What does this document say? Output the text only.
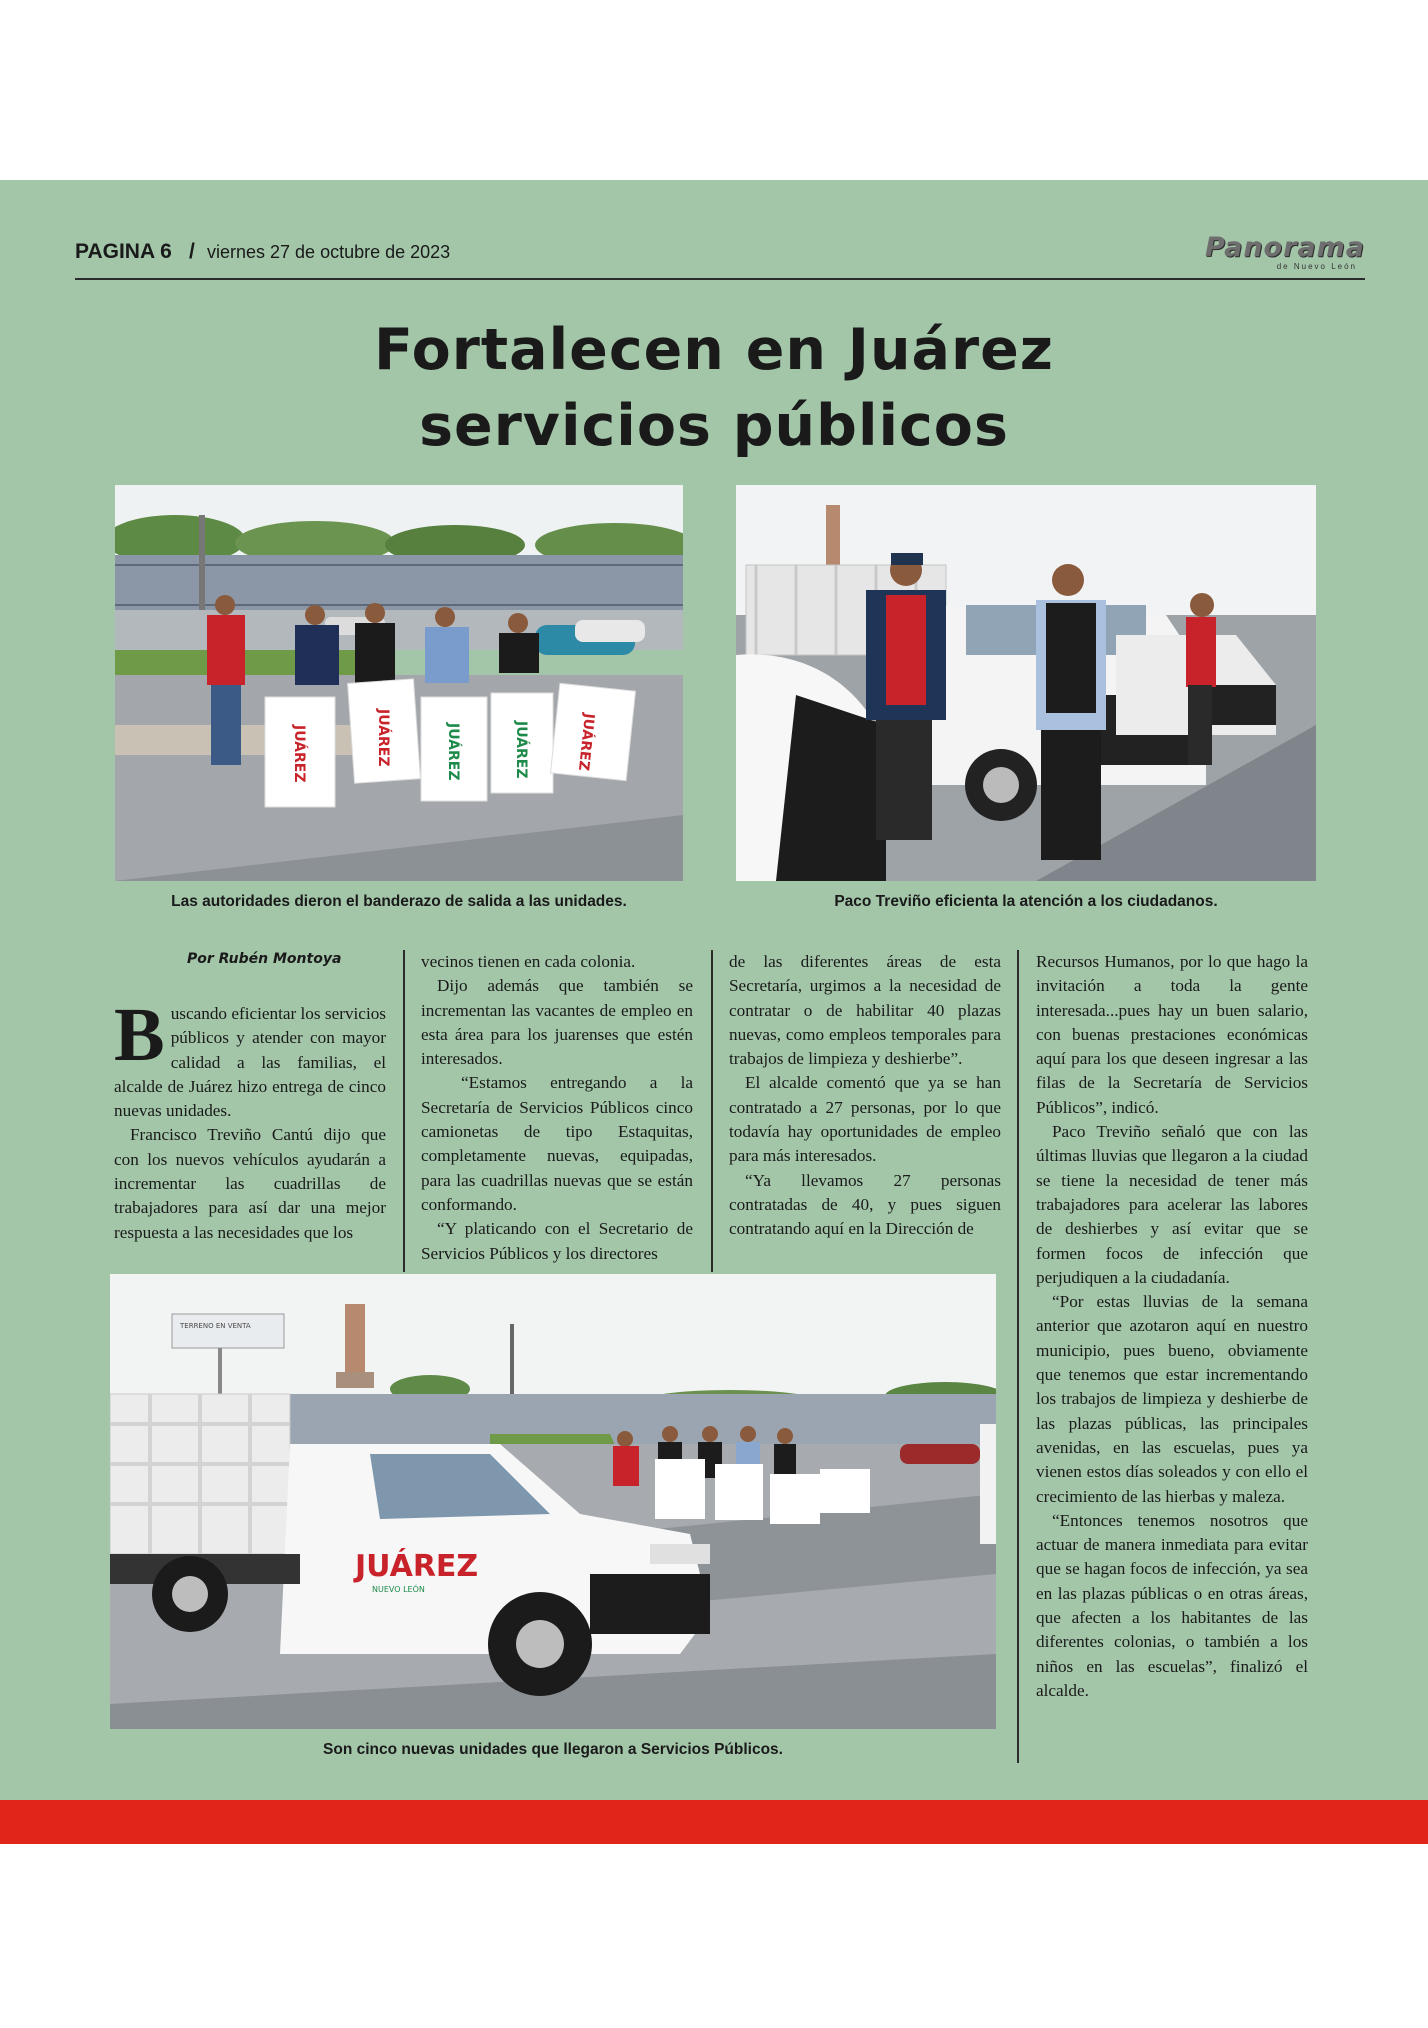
PAGINA 6 / viernes 27 de octubre de 2023	Panorama
de Nuevo León
Fortalecen en Juárez
servicios públicos
JUÁREZ	JUÁREZ	JUÁREZ	JUÁREZ	JUÁREZ
Las autoridades dieron el banderazo de salida a las unidades.	Paco Treviño eficienta la atención a los ciudadanos.
Por Rubén Montoya

Buscando eficientar los servicios públicos y atender con mayor calidad a las familias, el alcalde de Juárez hizo entrega de cinco nuevas unidades.

Francisco Treviño Cantú dijo que con los nuevos vehículos ayudarán a incrementar las cuadrillas de trabajadores para así dar una mejor respuesta a las necesidades que los

vecinos tienen en cada colonia.

Dijo además que también se incrementan las vacantes de empleo en esta área para los juarenses que estén interesados.

“Estamos entregando a la Secretaría de Servicios Públicos cinco camionetas de tipo Estaquitas, completamente nuevas, equipadas, para las cuadrillas nuevas que se están conformando.

“Y platicando con el Secretario de Servicios Públicos y los directores

de las diferentes áreas de esta Secretaría, urgimos a la necesidad de contratar o de habilitar 40 plazas nuevas, como empleos temporales para trabajos de limpieza y deshierbe”.

El alcalde comentó que ya se han contratado a 27 personas, por lo que todavía hay oportunidades de empleo para más interesados.

“Ya llevamos 27 personas contratadas de 40, y pues siguen contratando aquí en la Dirección de

Recursos Humanos, por lo que hago la invitación a toda la gente interesada...pues hay un buen salario, con buenas prestaciones económicas aquí para los que deseen ingresar a las filas de la Secretaría de Servicios Públicos”, indicó.

Paco Treviño señaló que con las últimas lluvias que llegaron a la ciudad se tiene la necesidad de tener más trabajadores para acelerar las labores de deshierbes y así evitar que se formen focos de infección que perjudiquen a la ciudadanía.

“Por estas lluvias de la semana anterior que azotaron aquí en nuestro municipio, pues bueno, obviamente que tenemos que estar incrementando los trabajos de limpieza y deshierbe de las plazas públicas, las principales avenidas, en las escuelas, pues ya vienen estos días soleados y con ello el crecimiento de las hierbas y maleza.

“Entonces tenemos nosotros que actuar de manera inmediata para evitar que se hagan focos de infección, ya sea en las plazas públicas o en otras áreas, que afecten a los habitantes de las diferentes colonias, o también a los niños en las escuelas”, finalizó el alcalde.

TERRENO EN VENTA
JUÁREZ
NUEVO LEÓN
Son cinco nuevas unidades que llegaron a Servicios Públicos.
